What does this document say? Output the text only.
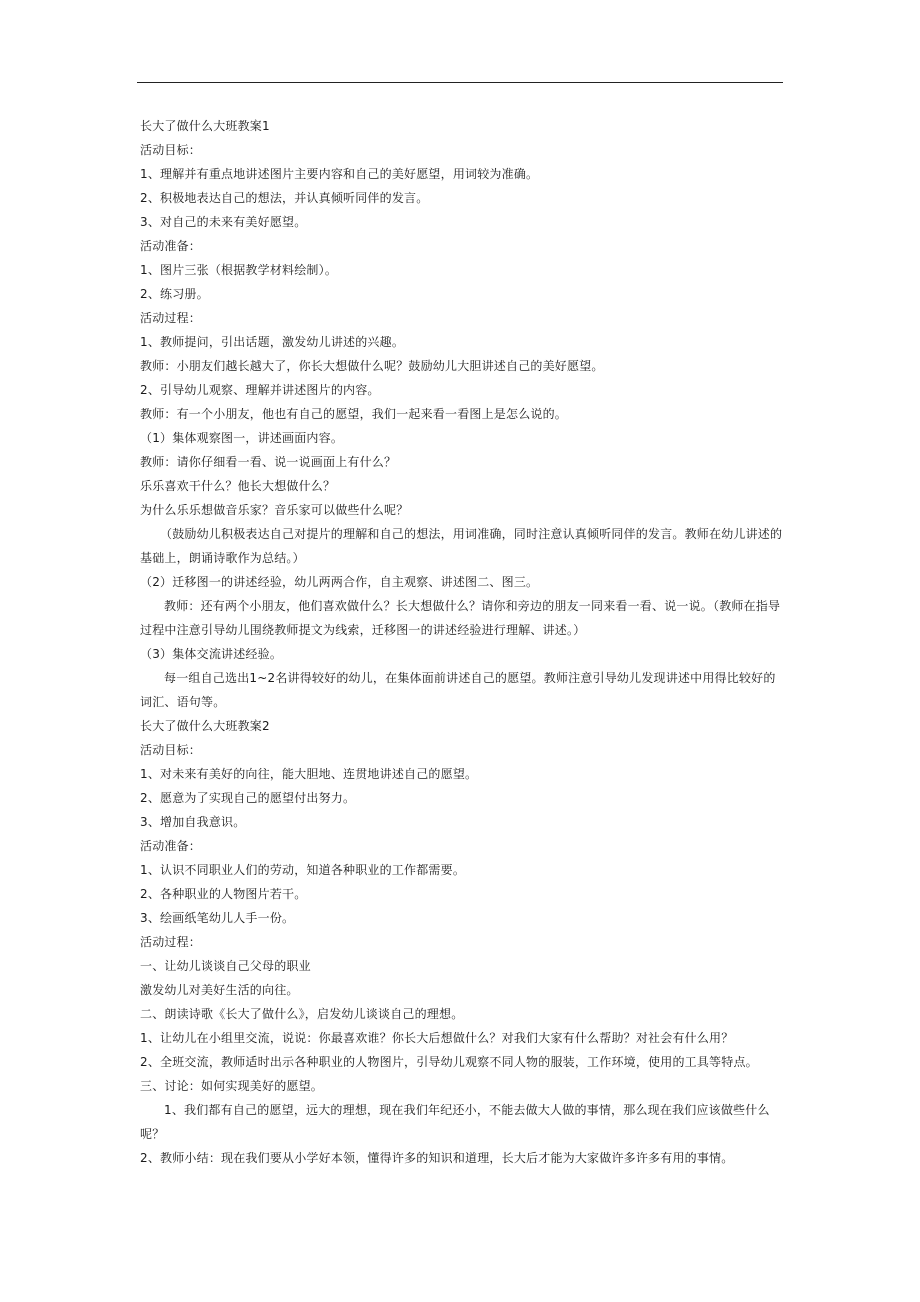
长大了做什么大班教案1

活动目标：

1、理解并有重点地讲述图片主要内容和自己的美好愿望，用词较为准确。

2、积极地表达自己的想法，并认真倾听同伴的发言。

3、对自己的未来有美好愿望。

活动准备：

1、图片三张（根据教学材料绘制）。

2、练习册。

活动过程：

1、教师提问，引出话题，激发幼儿讲述的兴趣。

教师：小朋友们越长越大了，你长大想做什么呢？鼓励幼儿大胆讲述自己的美好愿望。

2、引导幼儿观察、理解并讲述图片的内容。

教师：有一个小朋友，他也有自己的愿望，我们一起来看一看图上是怎么说的。

（1）集体观察图一，讲述画面内容。

教师：请你仔细看一看、说一说画面上有什么？

乐乐喜欢干什么？他长大想做什么？

为什么乐乐想做音乐家？音乐家可以做些什么呢？

（鼓励幼儿积极表达自己对提片的理解和自己的想法，用词准确，同时注意认真倾听同伴的发言。教师在幼儿讲述的基础上，朗诵诗歌作为总结。）

（2）迁移图一的讲述经验，幼儿两两合作，自主观察、讲述图二、图三。

教师：还有两个小朋友，他们喜欢做什么？长大想做什么？请你和旁边的朋友一同来看一看、说一说。（教师在指导过程中注意引导幼儿围绕教师提文为线索，迁移图一的讲述经验进行理解、讲述。）

（3）集体交流讲述经验。

每一组自己选出1~2名讲得较好的幼儿，在集体面前讲述自己的愿望。教师注意引导幼儿发现讲述中用得比较好的词汇、语句等。

长大了做什么大班教案2

活动目标：

1、对未来有美好的向往，能大胆地、连贯地讲述自己的愿望。

2、愿意为了实现自己的愿望付出努力。

3、增加自我意识。

活动准备：

1、认识不同职业人们的劳动，知道各种职业的工作都需要。

2、各种职业的人物图片若干。

3、绘画纸笔幼儿人手一份。

活动过程：

一、让幼儿谈谈自己父母的职业

激发幼儿对美好生活的向往。

二、朗读诗歌《长大了做什么》，启发幼儿谈谈自己的理想。

1、让幼儿在小组里交流，说说：你最喜欢谁？你长大后想做什么？对我们大家有什么帮助？对社会有什么用？

2、全班交流，教师适时出示各种职业的人物图片，引导幼儿观察不同人物的服装，工作环境，使用的工具等特点。

三、讨论：如何实现美好的愿望。

1、我们都有自己的愿望，远大的理想，现在我们年纪还小，不能去做大人做的事情，那么现在我们应该做些什么呢？

2、教师小结：现在我们要从小学好本领，懂得许多的知识和道理，长大后才能为大家做许多许多有用的事情。
